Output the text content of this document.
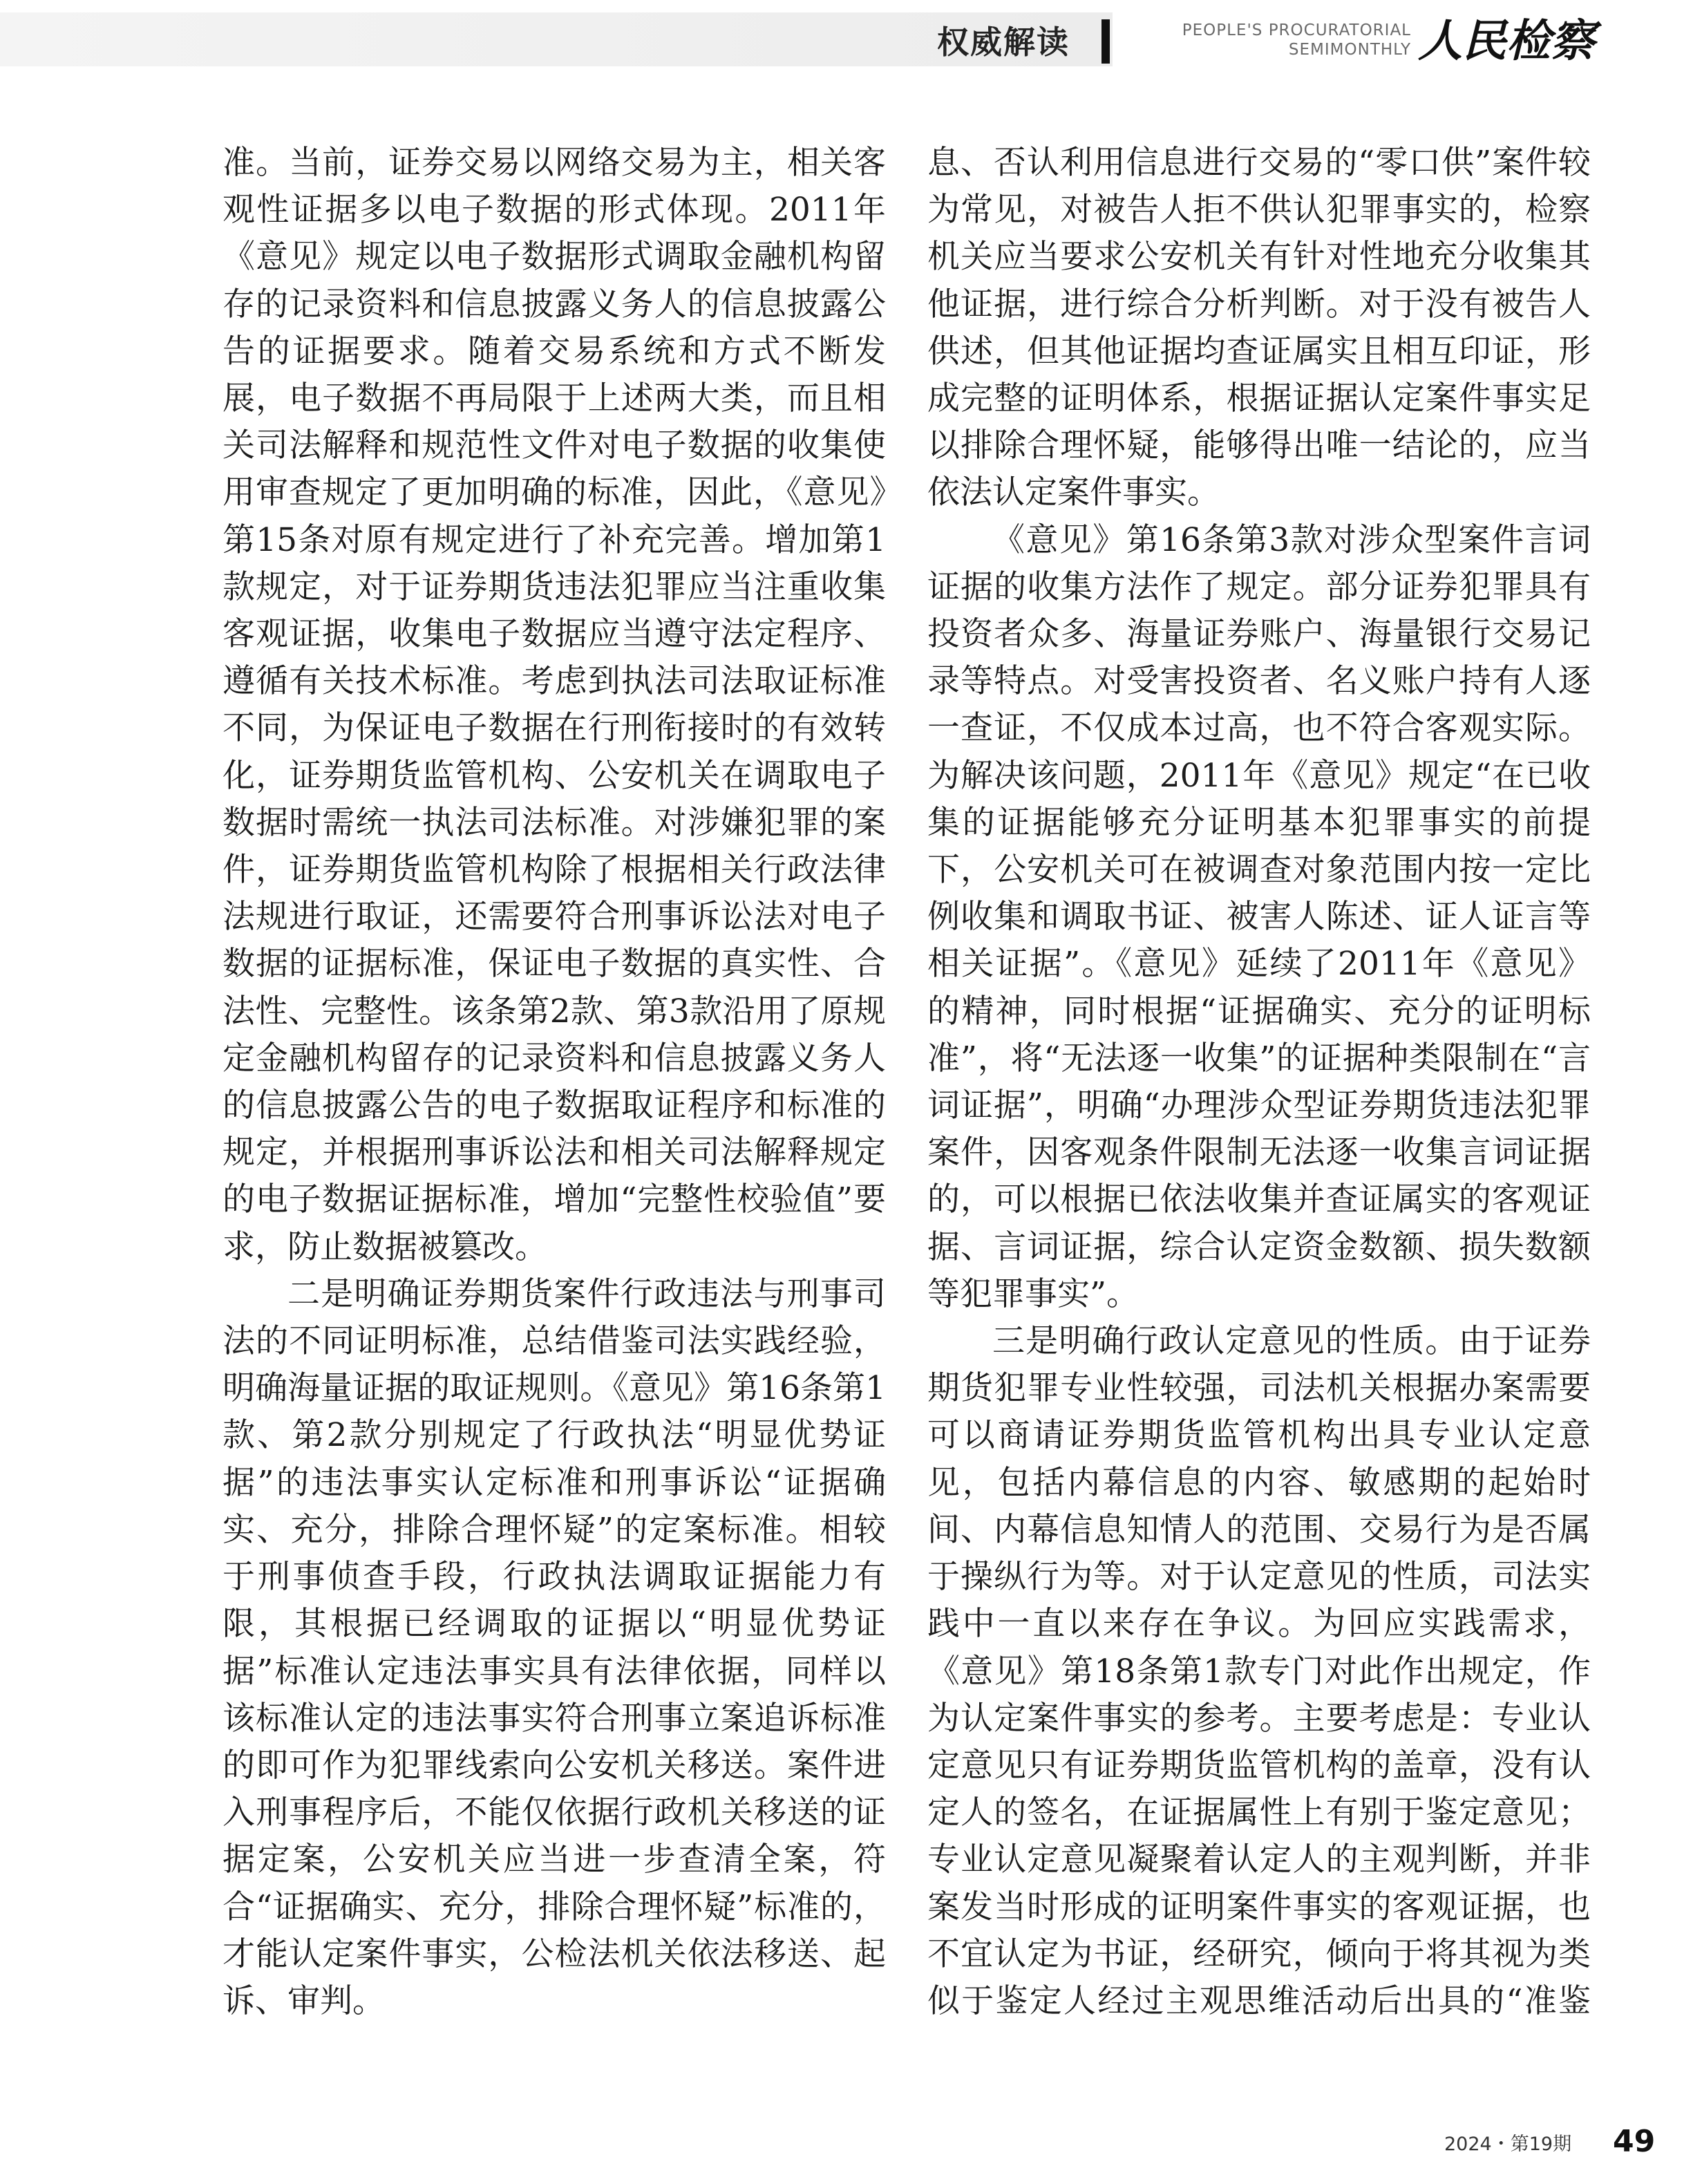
权威解读	PEOPLE'S PROCURATORIAL
SEMIMONTHLY 人民检察

准。当前，证券交易以网络交易为主，相关客观性证据多以电子数据的形式体现。2011年《意见》规定以电子数据形式调取金融机构留存的记录资料和信息披露义务人的信息披露公告的证据要求。随着交易系统和方式不断发展，电子数据不再局限于上述两大类，而且相关司法解释和规范性文件对电子数据的收集使用审查规定了更加明确的标准，因此，《意见》第15条对原有规定进行了补充完善。增加第1款规定，对于证券期货违法犯罪应当注重收集客观证据，收集电子数据应当遵守法定程序、遵循有关技术标准。考虑到执法司法取证标准不同，为保证电子数据在行刑衔接时的有效转化，证券期货监管机构、公安机关在调取电子数据时需统一执法司法标准。对涉嫌犯罪的案件，证券期货监管机构除了根据相关行政法律法规进行取证，还需要符合刑事诉讼法对电子数据的证据标准，保证电子数据的真实性、合法性、完整性。该条第2款、第3款沿用了原规定金融机构留存的记录资料和信息披露义务人的信息披露公告的电子数据取证程序和标准的规定，并根据刑事诉讼法和相关司法解释规定的电子数据证据标准，增加“完整性校验值”要求，防止数据被篡改。

二是明确证券期货案件行政违法与刑事司法的不同证明标准，总结借鉴司法实践经验，明确海量证据的取证规则。《意见》第16条第1款、第2款分别规定了行政执法“明显优势证据”的违法事实认定标准和刑事诉讼“证据确实、充分，排除合理怀疑”的定案标准。相较于刑事侦查手段，行政执法调取证据能力有限，其根据已经调取的证据以“明显优势证据”标准认定违法事实具有法律依据，同样以该标准认定的违法事实符合刑事立案追诉标准的即可作为犯罪线索向公安机关移送。案件进入刑事程序后，不能仅依据行政机关移送的证据定案，公安机关应当进一步查清全案，符合“证据确实、充分，排除合理怀疑”标准的，才能认定案件事实，公检法机关依法移送、起诉、审判。

息、否认利用信息进行交易的“零口供”案件较为常见，对被告人拒不供认犯罪事实的，检察机关应当要求公安机关有针对性地充分收集其他证据，进行综合分析判断。对于没有被告人供述，但其他证据均查证属实且相互印证，形成完整的证明体系，根据证据认定案件事实足以排除合理怀疑，能够得出唯一结论的，应当依法认定案件事实。

《意见》第16条第3款对涉众型案件言词证据的收集方法作了规定。部分证券犯罪具有投资者众多、海量证券账户、海量银行交易记录等特点。对受害投资者、名义账户持有人逐一查证，不仅成本过高，也不符合客观实际。为解决该问题，2011年《意见》规定“在已收集的证据能够充分证明基本犯罪事实的前提下，公安机关可在被调查对象范围内按一定比例收集和调取书证、被害人陈述、证人证言等相关证据”。《意见》延续了2011年《意见》的精神，同时根据“证据确实、充分的证明标准”，将“无法逐一收集”的证据种类限制在“言词证据”，明确“办理涉众型证券期货违法犯罪案件，因客观条件限制无法逐一收集言词证据的，可以根据已依法收集并查证属实的客观证据、言词证据，综合认定资金数额、损失数额等犯罪事实”。

三是明确行政认定意见的性质。由于证券期货犯罪专业性较强，司法机关根据办案需要可以商请证券期货监管机构出具专业认定意见，包括内幕信息的内容、敏感期的起始时间、内幕信息知情人的范围、交易行为是否属于操纵行为等。对于认定意见的性质，司法实践中一直以来存在争议。为回应实践需求，《意见》第18条第1款专门对此作出规定，作为认定案件事实的参考。主要考虑是：专业认定意见只有证券期货监管机构的盖章，没有认定人的签名，在证据属性上有别于鉴定意见；专业认定意见凝聚着认定人的主观判断，并非案发当时形成的证明案件事实的客观证据，也不宜认定为书证，经研究，倾向于将其视为类似于鉴定人经过主观思维活动后出具的“准鉴

2024・第19期 49
